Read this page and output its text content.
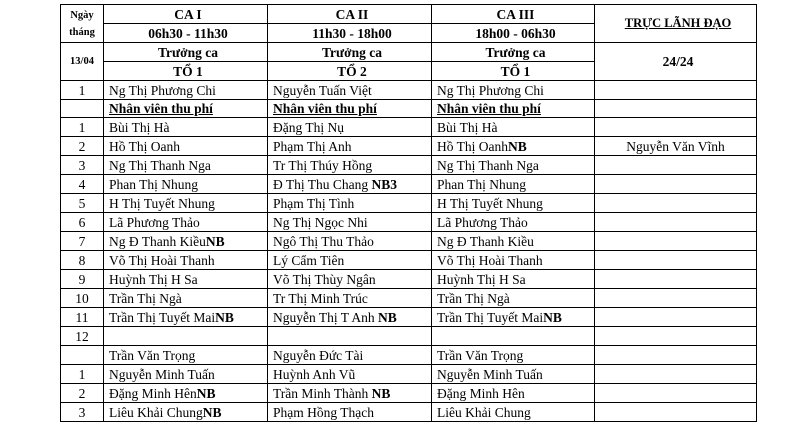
Ngày
tháng	CA I	CA II	CA III	TRỰC LÃNH ĐẠO
	06h30 - 11h30	11h30 - 18h00	18h00 - 06h30	
13/04	Trưởng ca	Trưởng ca	Trưởng ca	24/24
	TỔ 1	TỔ 2	TỔ 1	
1	Ng Thị Phương Chi	Nguyễn Tuấn Việt	Ng Thị Phương Chi	
	Nhân viên thu phí	Nhân viên thu phí	Nhân viên thu phí	
1	Bùi Thị Hà	Đặng Thị Nụ	Bùi Thị Hà	
2	Hồ Thị Oanh	Phạm Thị Anh	Hồ Thị OanhNB	Nguyễn Văn Vĩnh
3	Ng Thị Thanh Nga	Tr Thị Thúy Hồng	Ng Thị Thanh Nga	
4	Phan Thị Nhung	Đ Thị Thu Chang NB3	Phan Thị Nhung	
5	H Thị Tuyết Nhung	Phạm Thị Tình	H Thị Tuyết Nhung	
6	Lã Phương Thảo	Ng Thị Ngọc Nhi	Lã Phương Thảo	
7	Ng Đ Thanh KiềuNB	Ngô Thị Thu Thảo	Ng Đ Thanh Kiều	
8	Võ Thị Hoài Thanh	Lý Cẩm Tiên	Võ Thị Hoài Thanh	
9	Huỳnh Thị H Sa	Võ Thị Thùy Ngân	Huỳnh Thị H Sa	
10	Trần Thị Ngà	Tr Thị Minh Trúc	Trần Thị Ngà	
11	Trần Thị Tuyết MaiNB	Nguyễn Thị T Anh NB	Trần Thị Tuyết MaiNB	
12				
	Trần Văn Trọng	Nguyễn Đức Tài	Trần Văn Trọng	
1	Nguyễn Minh Tuấn	Huỳnh Anh Vũ	Nguyễn Minh Tuấn	
2	Đặng Minh HênNB	Trần Minh Thành NB	Đặng Minh Hên	
3	Liêu Khải ChungNB	Phạm Hồng Thạch	Liêu Khải Chung	
